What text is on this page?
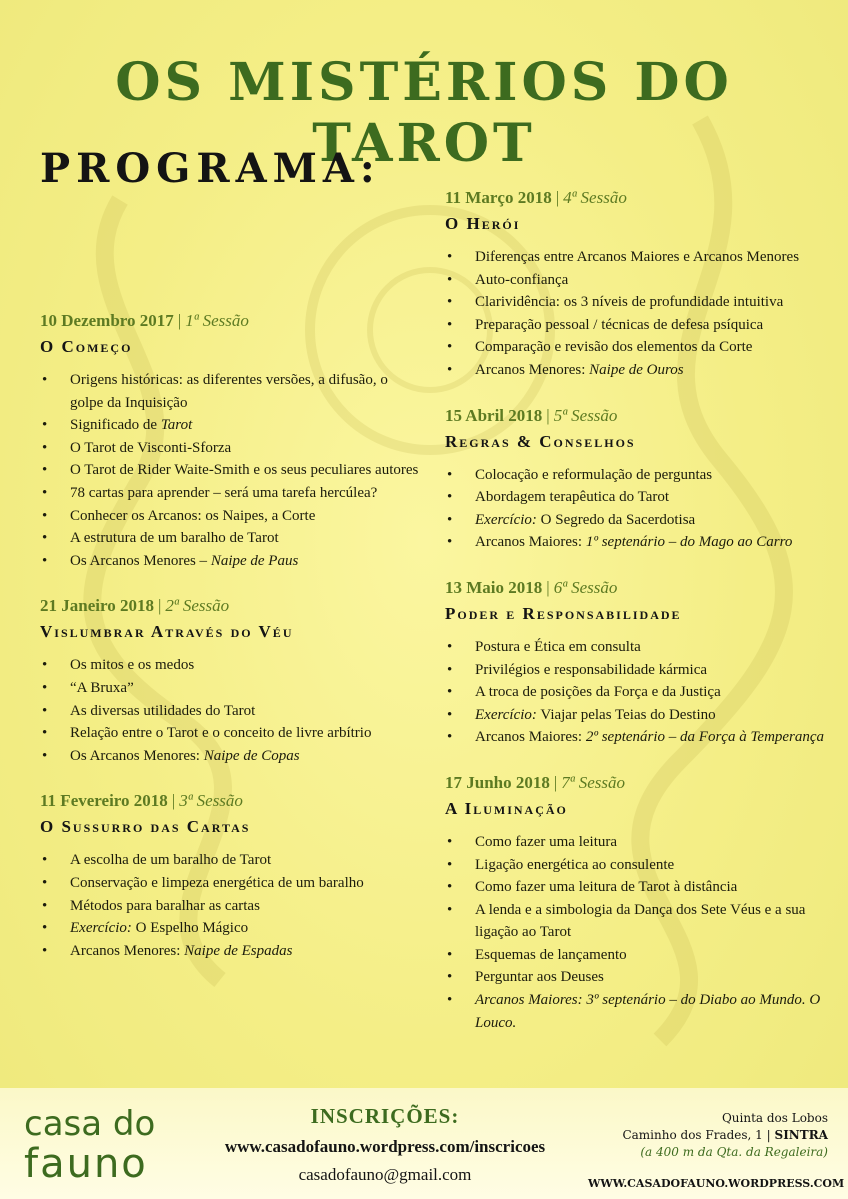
OS MISTÉRIOS DO TAROT
PROGRAMA:
10 Dezembro 2017 | 1ª Sessão
O Começo
• Origens históricas: as diferentes versões, a difusão, o golpe da Inquisição
• Significado de Tarot
• O Tarot de Visconti-Sforza
• O Tarot de Rider Waite-Smith e os seus peculiares autores
• 78 cartas para aprender – será uma tarefa hercúlea?
• Conhecer os Arcanos: os Naipes, a Corte
• A estrutura de um baralho de Tarot
• Os Arcanos Menores – Naipe de Paus
21 Janeiro 2018 | 2ª Sessão
Vislumbrar Através do Véu
• Os mitos e os medos
• “A Bruxa”
• As diversas utilidades do Tarot
• Relação entre o Tarot e o conceito de livre arbítrio
• Os Arcanos Menores: Naipe de Copas
11 Fevereiro 2018 | 3ª Sessão
O Sussurro das Cartas
• A escolha de um baralho de Tarot
• Conservação e limpeza energética de um baralho
• Métodos para baralhar as cartas
• Exercício: O Espelho Mágico
• Arcanos Menores: Naipe de Espadas
11 Março 2018 | 4ª Sessão
O Herói
• Diferenças entre Arcanos Maiores e Arcanos Menores
• Auto-confiança
• Clarividência: os 3 níveis de profundidade intuitiva
• Preparação pessoal / técnicas de defesa psíquica
• Comparação e revisão dos elementos da Corte
• Arcanos Menores: Naipe de Ouros
15 Abril 2018 | 5ª Sessão
Regras & Conselhos
• Colocação e reformulação de perguntas
• Abordagem terapêutica do Tarot
• Exercício: O Segredo da Sacerdotisa
• Arcanos Maiores: 1º septenário – do Mago ao Carro
13 Maio 2018 | 6ª Sessão
Poder e Responsabilidade
• Postura e Ética em consulta
• Privilégios e responsabilidade kármica
• A troca de posições da Força e da Justiça
• Exercício: Viajar pelas Teias do Destino
• Arcanos Maiores: 2º septenário – da Força à Temperança
17 Junho 2018 | 7ª Sessão
A Iluminação
• Como fazer uma leitura
• Ligação energética ao consulente
• Como fazer uma leitura de Tarot à distância
• A lenda e a simbologia da Dança dos Sete Véus e a sua ligação ao Tarot
• Esquemas de lançamento
• Perguntar aos Deuses
• Arcanos Maiores: 3º septenário – do Diabo ao Mundo. O Louco.
casa do
fauno
INSCRIÇÕES:
www.casadofauno.wordpress.com/inscricoes
casadofauno@gmail.com
Quinta dos Lobos
Caminho dos Frades, 1 | SINTRA
(a 400 m da Qta. da Regaleira)
WWW.CASADOFAUNO.WORDPRESS.COM
